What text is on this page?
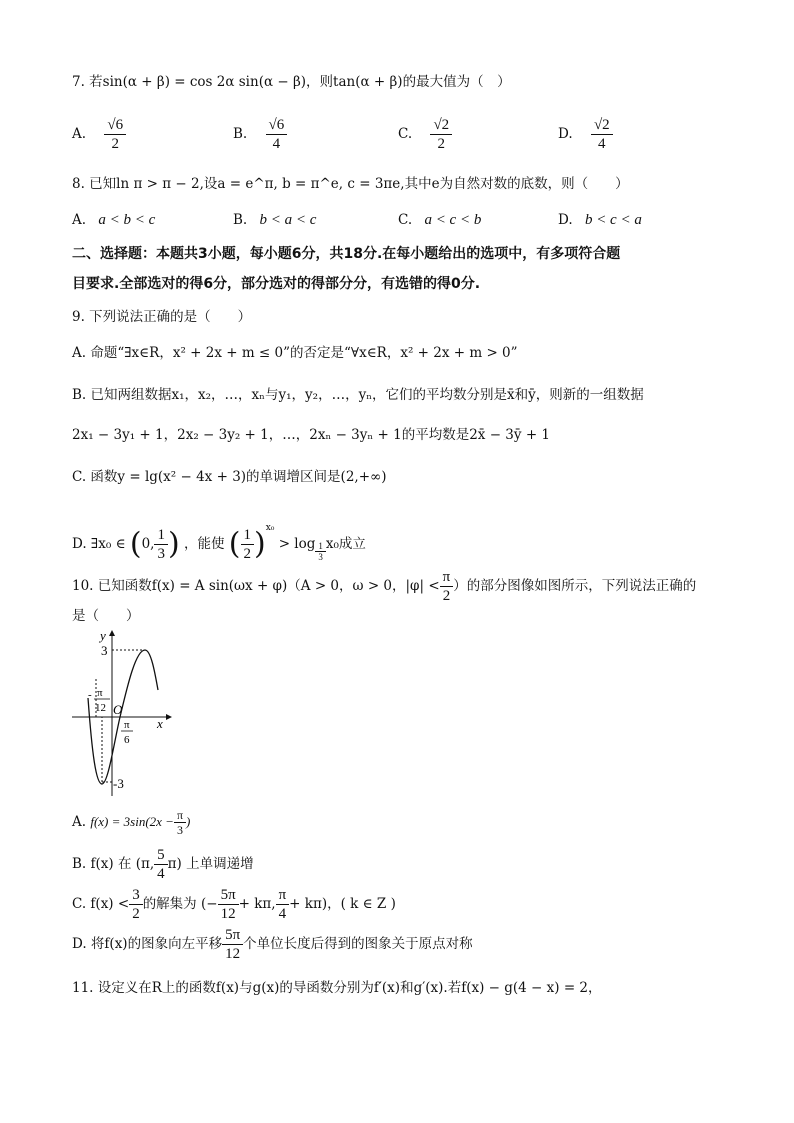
7. 若sin(α + β) = cos 2α sin(α − β)，则tan(α + β)的最大值为（　）
A. $\frac{√6}{2}$	B. $\frac{√6}{4}$	C. $\frac{√2}{2}$	D. $\frac{√2}{4}$
8. 已知ln π > π − 2,设a = e^π, b = π^e, c = 3πe,其中e为自然对数的底数，则（　　）
A. a < b < c	B. b < a < c	C. a < c < b	D. b < c < a
二、选择题：本题共3小题，每小题6分，共18分.在每小题给出的选项中，有多项符合题
目要求.全部选对的得6分，部分选对的得部分分，有选错的得0分.
9. 下列说法正确的是（　　）
A. 命题“∃x∈R，x² + 2x + m ≤ 0”的否定是“∀x∈R，x² + 2x + m > 0”
B. 已知两组数据x₁，x₂，…，xₙ与y₁，y₂，…，yₙ，它们的平均数分别是x̄和ȳ，则新的一组数据
2x₁ − 3y₁ + 1，2x₂ − 3y₂ + 1，…，2xₙ − 3yₙ + 1的平均数是2x̄ − 3ȳ + 1
C. 函数y = lg(x² − 4x + 3)的单调增区间是(2,+∞)
D. ∃x₀ ∈ (0, $\frac{1}{3}$ ) ，能使 ( $\frac{1}{2} )^{x_0} > \log \frac{1}{3} x_0$成立
10. 已知函数f(x) = A sin(ωx + φ)（A > 0，ω > 0，$|\varphi| < \frac{\pi}{2}$ ）的部分图像如图所示，下列说法正确的
是（　　）
y
x
O
3
-3
- π
12
π
6
A. $f(x) = 3\sin(2x - \frac{\pi}{3}$ )
B. f(x) 在 (π, $\frac{5}{4} \pi$) 上单调递增
C. $f(x) < \frac{3}{2}$ 的解集为 (− $\frac{5\pi}{12} + k\pi$, $\frac{\pi}{4} + k\pi$)，( k ∈ Z )
D. 将f(x)的图象向左平移 $\frac{5\pi}{12}$ 个单位长度后得到的图象关于原点对称
11. 设定义在R上的函数f(x)与g(x)的导函数分别为f′(x)和g′(x).若f(x) − g(4 − x) = 2，
